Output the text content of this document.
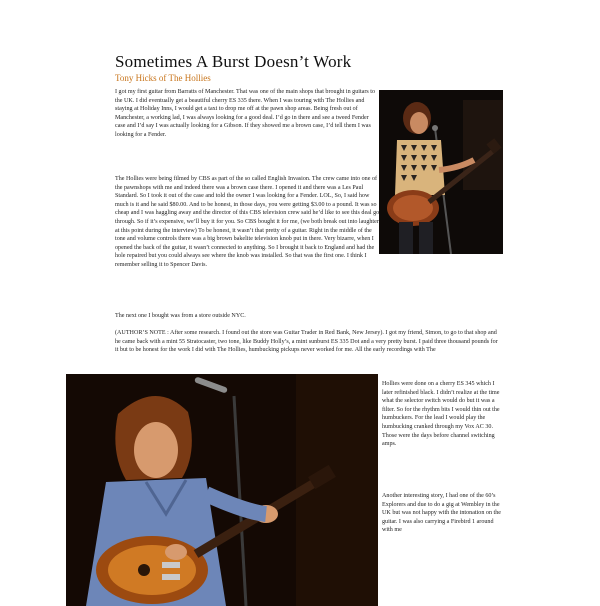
Sometimes A Burst Doesn’t Work
Tony Hicks of The Hollies

I got my first guitar from Barratts of Manchester. That was one of the main shops that brought in guitars to the UK. I did eventually get a beautiful cherry ES 335 there. When I was touring with The Hollies and staying at Holiday Inns, I would get a taxi to drop me off at the pawn shop areas. Being fresh out of Manchester, a working lad, I was always looking for a good deal. I’d go in there and see a tweed Fender case and I’d say I was actually looking for a Gibson. If they showed me a brown case, I’d tell them I was looking for a Fender.

The Hollies were being filmed by CBS as part of the so called English Invasion. The crew came into one of the pawnshops with me and indeed there was a brown case there. I opened it and there was a Les Paul Standard. So I took it out of the case and told the owner I was looking for a Fender. LOL, So, I said how much is it and he said $80.00. And to be honest, in those days, you were getting $3.00 to a pound. It was so cheap and I was haggling away and the director of this CBS television crew said he’d like to see this deal go through. So if it’s expensive, we’ll buy it for you. So CBS bought it for me, (we both break out into laughter at this point during the interview) To be honest, it wasn’t that pretty of a guitar. Right in the middle of the tone and volume controls there was a big brown bakelite television knob put in there. Very bizarre, when I opened the back of the guitar, it wasn’t connected to anything. So I brought it back to England and had the hole repaired but you could always see where the knob was installed. So that was the first one. I think I remember selling it to Spencer Davis.

The next one I bought was from a store outside NYC.

(AUTHOR’S NOTE : After some research. I found out the store was Guitar Trader in Red Bank, New Jersey). I got my friend, Simon, to go to that shop and he came back with a mint 55 Stratocaster, two tone, like Buddy Holly’s, a mint sunburst ES 335 Dot and a very pretty burst. I paid three thousand pounds for it but to be honest for the work I did with The Hollies, humbucking pickups never worked for me. All the early recordings with The

Hollies were done on a cherry ES 345 which I later refinished black. I didn’t realize at the time what the selector switch would do but it was a filter. So for the rhythm bits I would thin out the humbuckers. For the lead I would play the humbucking cranked through my Vox AC 30. Those were the days before channel switching amps.

Another interesting story, I had one of the 60’s Explorers and due to do a gig at Wembley in the UK but was not happy with the intonation on the guitar. I was also carrying a Firebird 1 around with me
